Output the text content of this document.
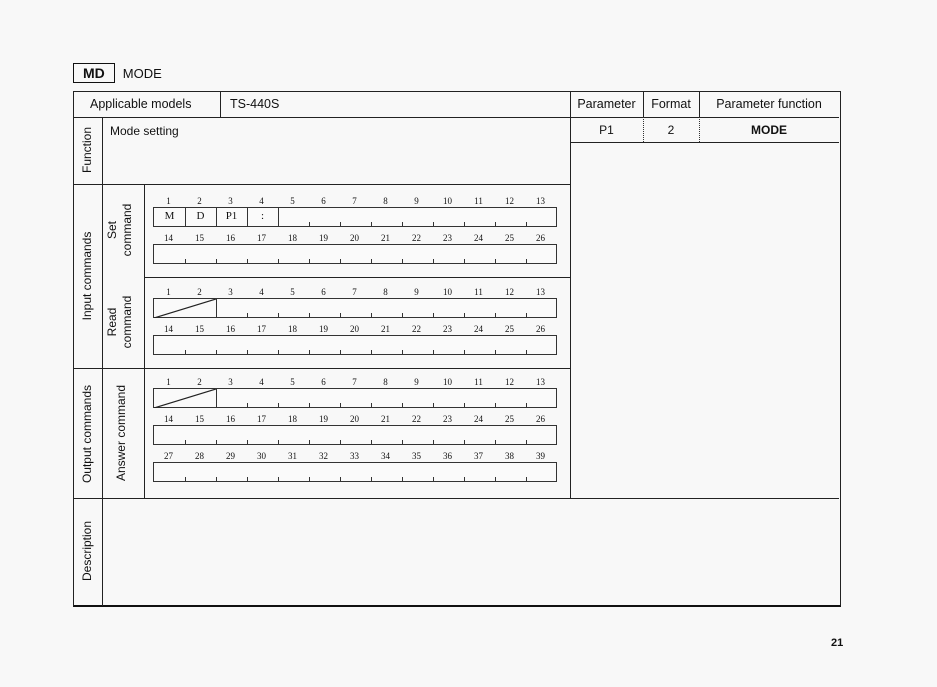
MD	MODE
Applicable models	TS-440S	Parameter	Format	Parameter function
P1	2	MODE
Mode setting
Function
Input commands
Output commands
Description
Set command
Read command
Answer command
1	2	3	4	5	6	7	8	9	10	11	12	13
M	D	P1	:
14	15	16	17	18	19	20	21	22	23	24	25	26
1	2	3	4	5	6	7	8	9	10	11	12	13
14	15	16	17	18	19	20	21	22	23	24	25	26
1	2	3	4	5	6	7	8	9	10	11	12	13
14	15	16	17	18	19	20	21	22	23	24	25	26
27	28	29	30	31	32	33	34	35	36	37	38	39
21
